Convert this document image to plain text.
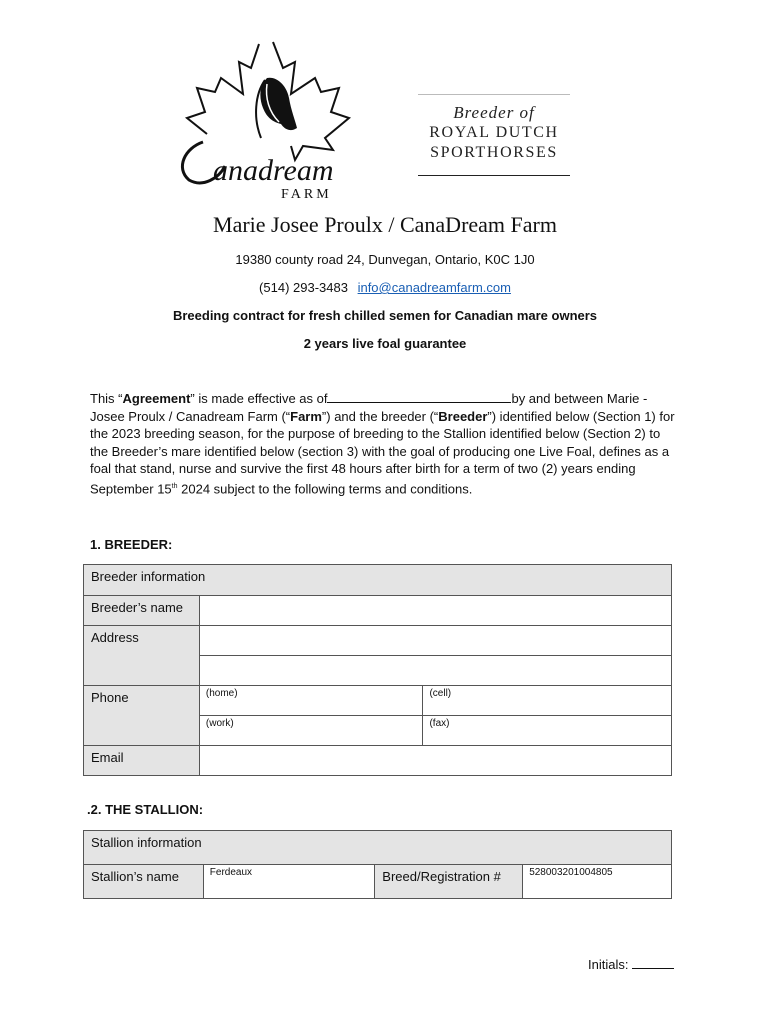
anadream
FARM
Breeder of
ROYAL DUTCH
SPORTHORSES
Marie Josee Proulx / CanaDream Farm
19380 county road 24, Dunvegan, Ontario, K0C 1J0
(514) 293-3483 info@canadreamfarm.com
Breeding contract for fresh chilled semen for Canadian mare owners
2 years live foal guarantee
This “Agreement” is made effective as of	by and between Marie - Josee Proulx / Canadream Farm (“Farm”) and the breeder (“Breeder”) identified below (Section 1) for the 2023 breeding season, for the purpose of breeding to the Stallion identified below (Section 2) to the Breeder’s mare identified below (section 3) with the goal of producing one Live Foal, defines as a foal that stand, nurse and survive the first 48 hours after birth for a term of two (2) years ending September 15th 2024 subject to the following terms and conditions.
1. BREEDER:
Breeder information		
Breeder’s name		
Address		

Phone	(home)	(cell)
	(work)	(fax)
Email		
.2. THE STALLION:
Stallion information
Stallion’s name	Ferdeaux	Breed/Registration #	528003201004805
Initials:
